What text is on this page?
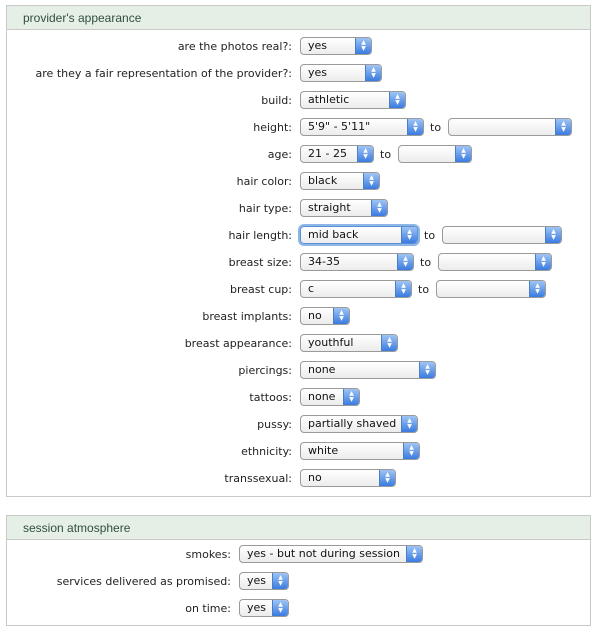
provider's appearance
are the photos real?:	yes	▲
▼
are they a fair representation of the provider?:	yes	▲
▼
build:	athletic	▲
▼
height:	5'9" - 5'11"	▲
▼ to	▲
▼
age:	21 - 25	▲
▼ to	▲
▼
hair color:	black	▲
▼
hair type:	straight	▲
▼
hair length:	mid back	▲
▼ to	▲
▼
breast size:	34-35	▲
▼ to	▲
▼
breast cup:	c	▲
▼ to	▲
▼
breast implants:	no	▲
▼
breast appearance:	youthful	▲
▼
piercings:	none	▲
▼
tattoos:	none ▲
▼
pussy:	partially shaved ▲
▼
ethnicity:	white	▲
▼
transsexual:	no	▲
▼
session atmosphere
smokes:	yes - but not during session ▲
▼
services delivered as promised:	yes ▲
▼
on time:	yes ▲
▼
